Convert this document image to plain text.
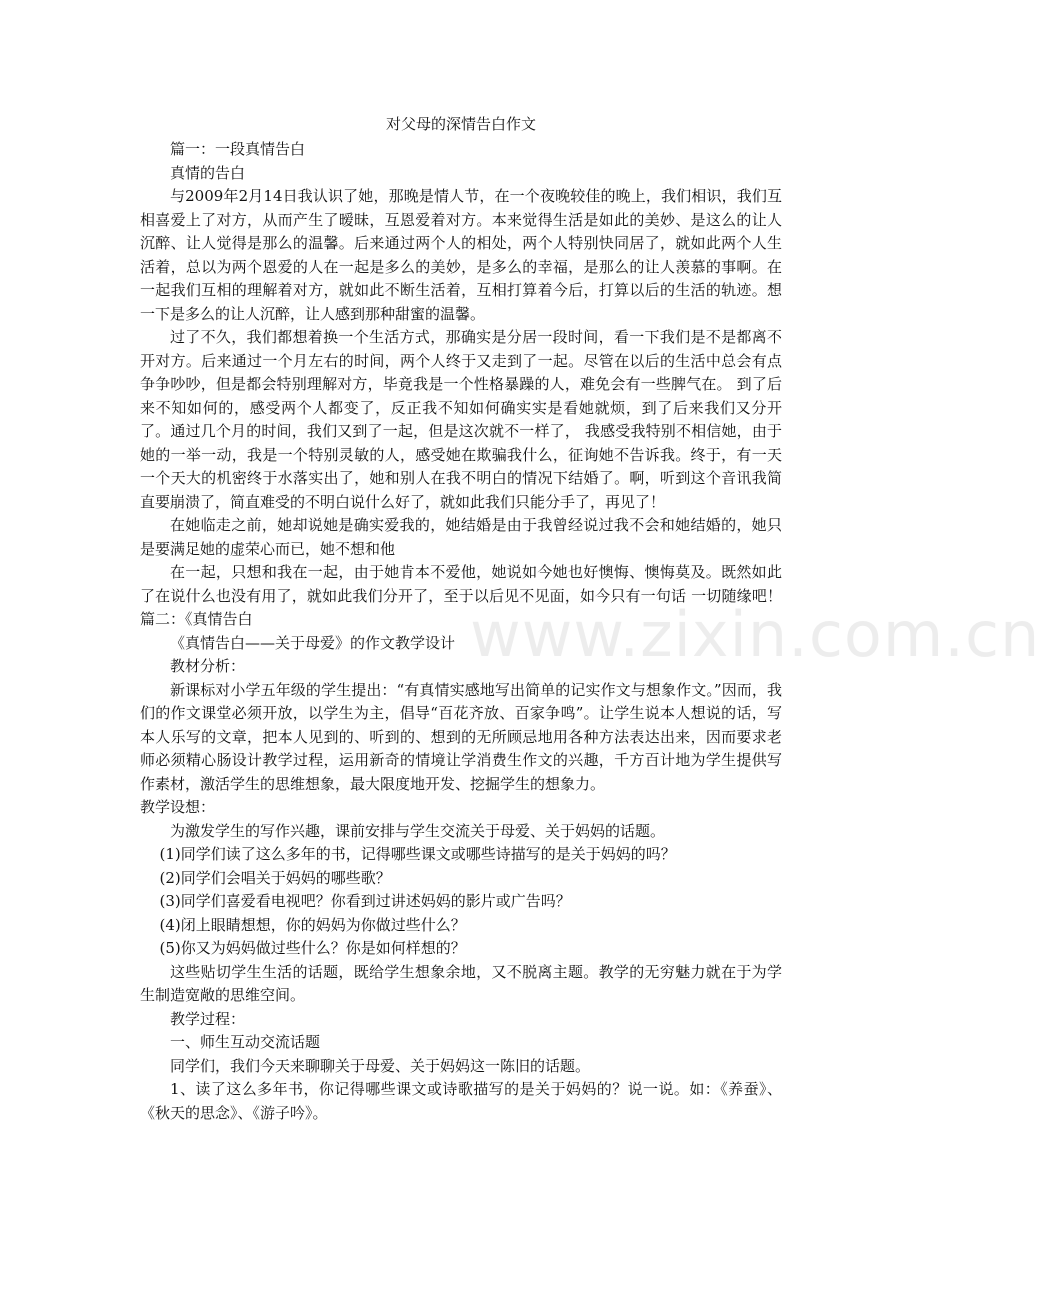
www.zixin.com.cn
对父母的深情告白作文

篇一：一段真情告白

真情的告白

与2009年2月14日我认识了她，那晚是情人节，在一个夜晚较佳的晚上，我们相识，我们互相喜爱上了对方，从而产生了暧昧，互恩爱着对方。本来觉得生活是如此的美妙、是这么的让人沉醉、让人觉得是那么的温馨。后来通过两个人的相处，两个人特别快同居了，就如此两个人生活着，总以为两个恩爱的人在一起是多么的美妙，是多么的幸福，是那么的让人羡慕的事啊。在一起我们互相的理解着对方，就如此不断生活着，互相打算着今后，打算以后的生活的轨迹。想一下是多么的让人沉醉，让人感到那种甜蜜的温馨。

过了不久，我们都想着换一个生活方式，那确实是分居一段时间，看一下我们是不是都离不开对方。后来通过一个月左右的时间，两个人终于又走到了一起。尽管在以后的生活中总会有点争争吵吵，但是都会特别理解对方，毕竟我是一个性格暴躁的人，难免会有一些脾气在。 到了后来不知如何的，感受两个人都变了，反正我不知如何确实实是看她就烦，到了后来我们又分开了。通过几个月的时间，我们又到了一起，但是这次就不一样了， 我感受我特别不相信她，由于她的一举一动，我是一个特别灵敏的人，感受她在欺骗我什么，征询她不告诉我。终于，有一天一个天大的机密终于水落实出了，她和别人在我不明白的情况下结婚了。啊，听到这个音讯我简直要崩溃了，简直难受的不明白说什么好了，就如此我们只能分手了，再见了！

在她临走之前，她却说她是确实爱我的，她结婚是由于我曾经说过我不会和她结婚的，她只是要满足她的虚荣心而已，她不想和他

在一起，只想和我在一起，由于她肯本不爱他，她说如今她也好懊悔、懊悔莫及。既然如此了在说什么也没有用了，就如此我们分开了，至于以后见不见面，如今只有一句话 一切随缘吧！篇二：《真情告白

《真情告白——关于母爱》的作文教学设计

教材分析：

新课标对小学五年级的学生提出：“有真情实感地写出简单的记实作文与想象作文。”因而，我们的作文课堂必须开放，以学生为主，倡导“百花齐放、百家争鸣”。让学生说本人想说的话，写本人乐写的文章，把本人见到的、听到的、想到的无所顾忌地用各种方法表达出来，因而要求老师必须精心肠设计教学过程，运用新奇的情境让学消费生作文的兴趣，千方百计地为学生提供写作素材，激活学生的思维想象，最大限度地开发、挖掘学生的想象力。

教学设想：

为激发学生的写作兴趣，课前安排与学生交流关于母爱、关于妈妈的话题。

(1)同学们读了这么多年的书，记得哪些课文或哪些诗描写的是关于妈妈的吗？

(2)同学们会唱关于妈妈的哪些歌？

(3)同学们喜爱看电视吧？你看到过讲述妈妈的影片或广告吗？

(4)闭上眼睛想想，你的妈妈为你做过些什么？

(5)你又为妈妈做过些什么？你是如何样想的？

这些贴切学生生活的话题，既给学生想象余地，又不脱离主题。教学的无穷魅力就在于为学生制造宽敞的思维空间。

教学过程：

一、师生互动交流话题

同学们，我们今天来聊聊关于母爱、关于妈妈这一陈旧的话题。

1、读了这么多年书，你记得哪些课文或诗歌描写的是关于妈妈的？说一说。如：《养蚕》、《秋天的思念》、《游子吟》。
